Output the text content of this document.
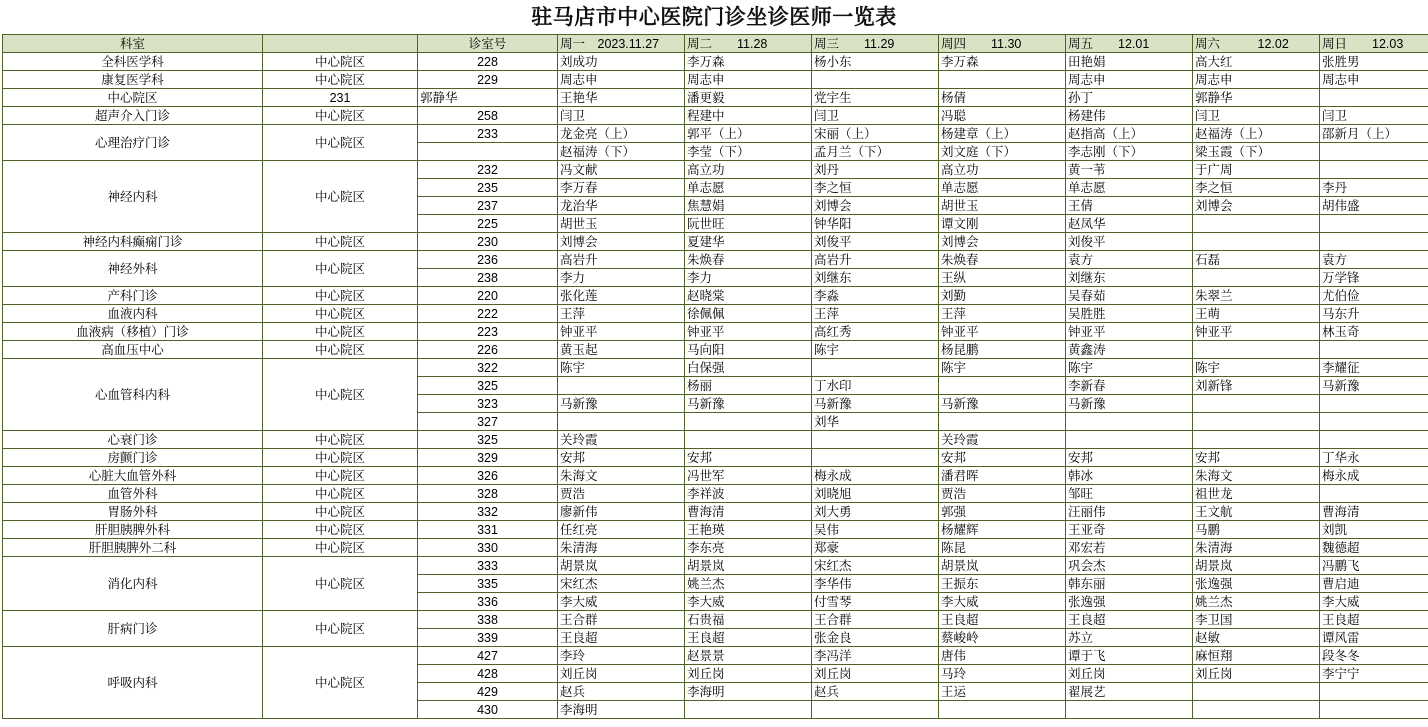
驻马店市中心医院门诊坐诊医师一览表
科室		诊室号	周一　2023.11.27	周二　　11.28	周三　　11.29	周四　　11.30	周五　　12.01	周六　　　12.02	周日　　12.03
全科医学科	中心院区	228	刘成功	李万森	杨小东	李万森	田艳娟	高大红	张胜男
康复医学科	中心院区	229	周志申	周志申			周志申	周志申	周志申
中心院区	231	郭静华	王艳华	潘更毅	党宇生	杨倩	孙丁	郭静华	
超声介入门诊	中心院区	258	闫卫	程建中	闫卫	冯聪	杨建伟	闫卫	闫卫
心理治疗门诊	中心院区	233	龙金亮（上）	郭平（上）	宋丽（上）	杨建章（上）	赵指高（上）	赵福涛（上）	邵新月（上）
			赵福涛（下）	李莹（下）	孟月兰（下）	刘文庭（下）	李志刚（下）	梁玉霞（下）	
神经内科	中心院区	232	冯文献	高立功	刘丹	高立功	黄一苇	于广周	
		235	李万春	单志愿	李之恒	单志愿	单志愿	李之恒	李丹
		237	龙治华	焦慧娟	刘博会	胡世玉	王倩	刘博会	胡伟盛
		225	胡世玉	阮世旺	钟华阳	谭文刚	赵凤华		
神经内科癫痫门诊	中心院区	230	刘博会	夏建华	刘俊平	刘博会	刘俊平		
神经外科	中心院区	236	高岩升	朱焕春	高岩升	朱焕春	袁方	石磊	袁方
		238	李力	李力	刘继东	王纵	刘继东		万学锋
产科门诊	中心院区	220	张化莲	赵晓棠	李淼	刘勤	吴春茹	朱翠兰	尤伯俭
血液内科	中心院区	222	王萍	徐佩佩	王萍	王萍	吴胜胜	王萌	马东升
血液病（移植）门诊	中心院区	223	钟亚平	钟亚平	高红秀	钟亚平	钟亚平	钟亚平	林玉奇
高血压中心	中心院区	226	黄玉起	马向阳	陈宇	杨昆鹏	黄鑫涛		
心血管科内科	中心院区	322	陈宇	白保强		陈宇	陈宇	陈宇	李耀征
		325		杨丽	丁水印		李新春	刘新锋	马新豫
		323	马新豫	马新豫	马新豫	马新豫	马新豫		
		327			刘华				
心衰门诊	中心院区	325	关玲霞			关玲霞			
房颤门诊	中心院区	329	安邦	安邦		安邦	安邦	安邦	丁华永
心脏大血管外科	中心院区	326	朱海文	冯世军	梅永成	潘君晖	韩冰	朱海文	梅永成
血管外科	中心院区	328	贾浩	李祥波	刘晓旭	贾浩	邹旺	祖世龙	
胃肠外科	中心院区	332	廖新伟	曹海清	刘大勇	郭强	汪丽伟	王文航	曹海清
肝胆胰脾外科	中心院区	331	任红亮	王艳瑛	吴伟	杨耀辉	王亚奇	马鹏	刘凯
肝胆胰脾外二科	中心院区	330	朱清海	李东亮	郑豪	陈昆	邓宏若	朱清海	魏德超
消化内科	中心院区	333	胡景岚	胡景岚	宋红杰	胡景岚	巩会杰	胡景岚	冯鹏飞
		335	宋红杰	姚兰杰	李华伟	王振东	韩东丽	张逸强	曹启迪
		336	李大威	李大威	付雪琴	李大威	张逸强	姚兰杰	李大威
肝病门诊	中心院区	338	王合群	石贵福	王合群	王良超	王良超	李卫国	王良超
		339	王良超	王良超	张金良	蔡峻岭	苏立	赵敏	谭风雷
呼吸内科	中心院区	427	李玲	赵景景	李冯洋	唐伟	谭于飞	麻恒翔	段冬冬
		428	刘丘岗	刘丘岗	刘丘岗	马玲	刘丘岗	刘丘岗	李宁宁
		429	赵兵	李海明	赵兵	王运	翟展艺		
		430	李海明						
